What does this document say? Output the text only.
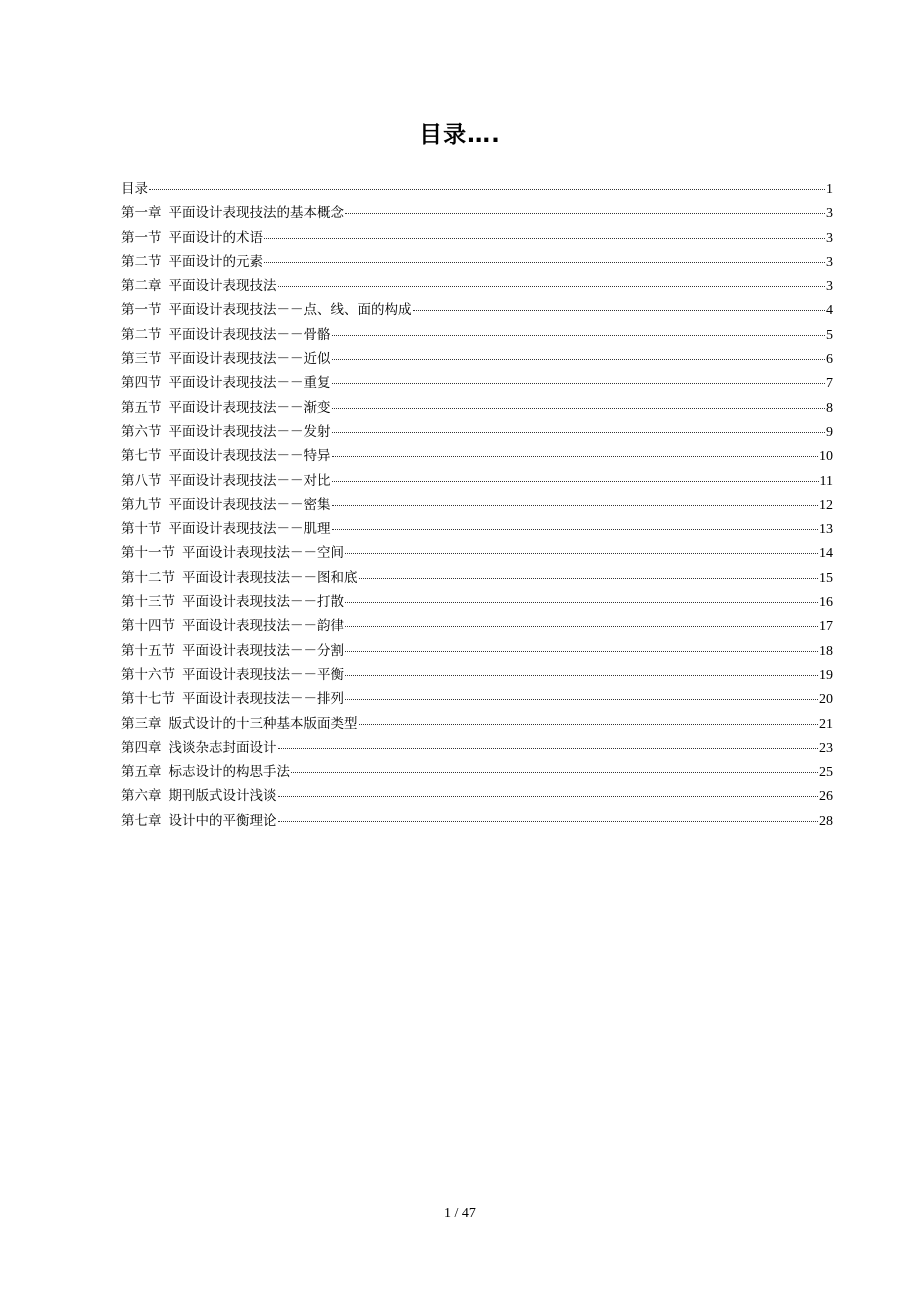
目录….
目录	1
第一章 平面设计表现技法的基本概念	3
第一节 平面设计的术语	3
第二节 平面设计的元素	3
第二章 平面设计表现技法	3
第一节 平面设计表现技法－－点、线、面的构成	4
第二节 平面设计表现技法－－骨骼	5
第三节 平面设计表现技法－－近似	6
第四节 平面设计表现技法－－重复	7
第五节 平面设计表现技法－－渐变	8
第六节 平面设计表现技法－－发射	9
第七节 平面设计表现技法－－特异	10
第八节 平面设计表现技法－－对比	11
第九节 平面设计表现技法－－密集	12
第十节 平面设计表现技法－－肌理	13
第十一节 平面设计表现技法－－空间	14
第十二节 平面设计表现技法－－图和底	15
第十三节 平面设计表现技法－－打散	16
第十四节 平面设计表现技法－－韵律	17
第十五节 平面设计表现技法－－分割	18
第十六节 平面设计表现技法－－平衡	19
第十七节 平面设计表现技法－－排列	20
第三章 版式设计的十三种基本版面类型	21
第四章 浅谈杂志封面设计	23
第五章 标志设计的构思手法	25
第六章 期刊版式设计浅谈	26
第七章 设计中的平衡理论	28
1 / 47
